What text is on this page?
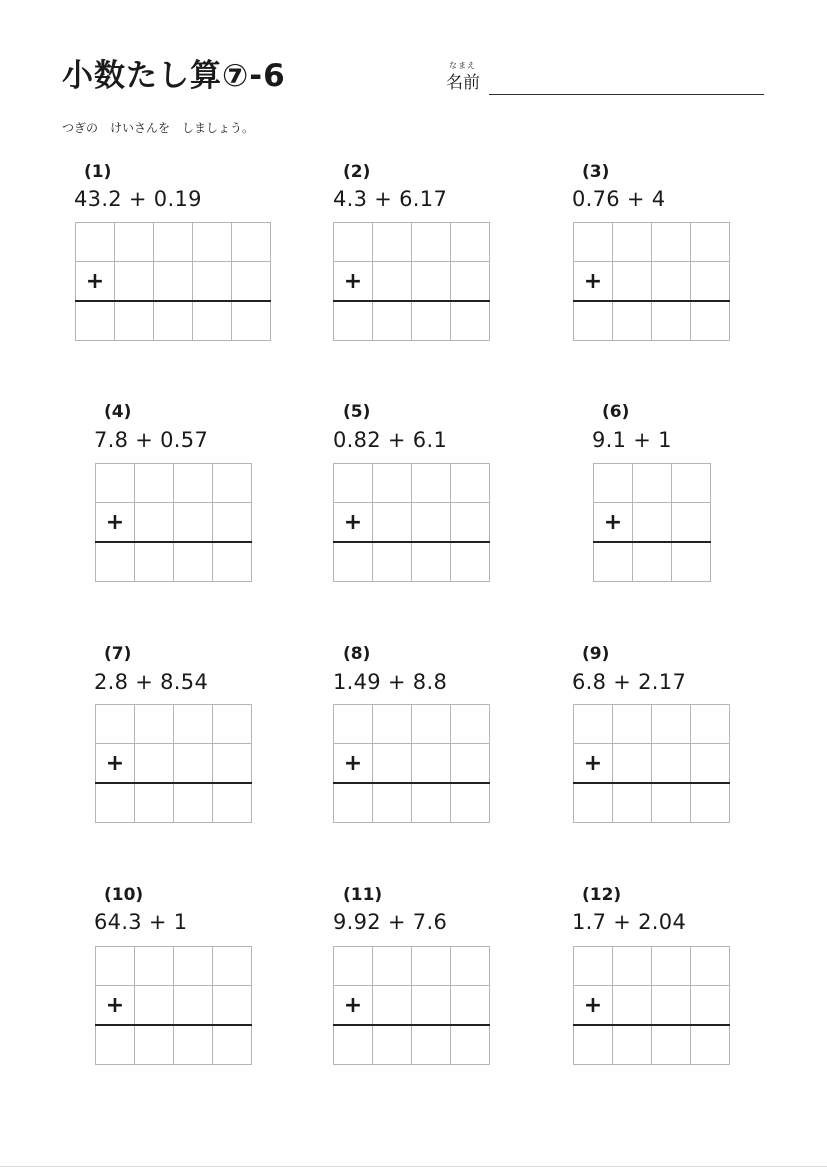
小数たし算⑦-6	なまえ
名前
つぎの　けいさんを　しましょう。
(1)
43.2 + 0.19

+				

(2)
4.3 + 6.17

+			

(3)
0.76 + 4

+			

(4)
7.8 + 0.57

+			

(5)
0.82 + 6.1

+			

(6)
9.1 + 1

+		

(7)
2.8 + 8.54

+			

(8)
1.49 + 8.8

+			

(9)
6.8 + 2.17

+			

(10)
64.3 + 1

+			

(11)
9.92 + 7.6

+			

(12)
1.7 + 2.04

+			
